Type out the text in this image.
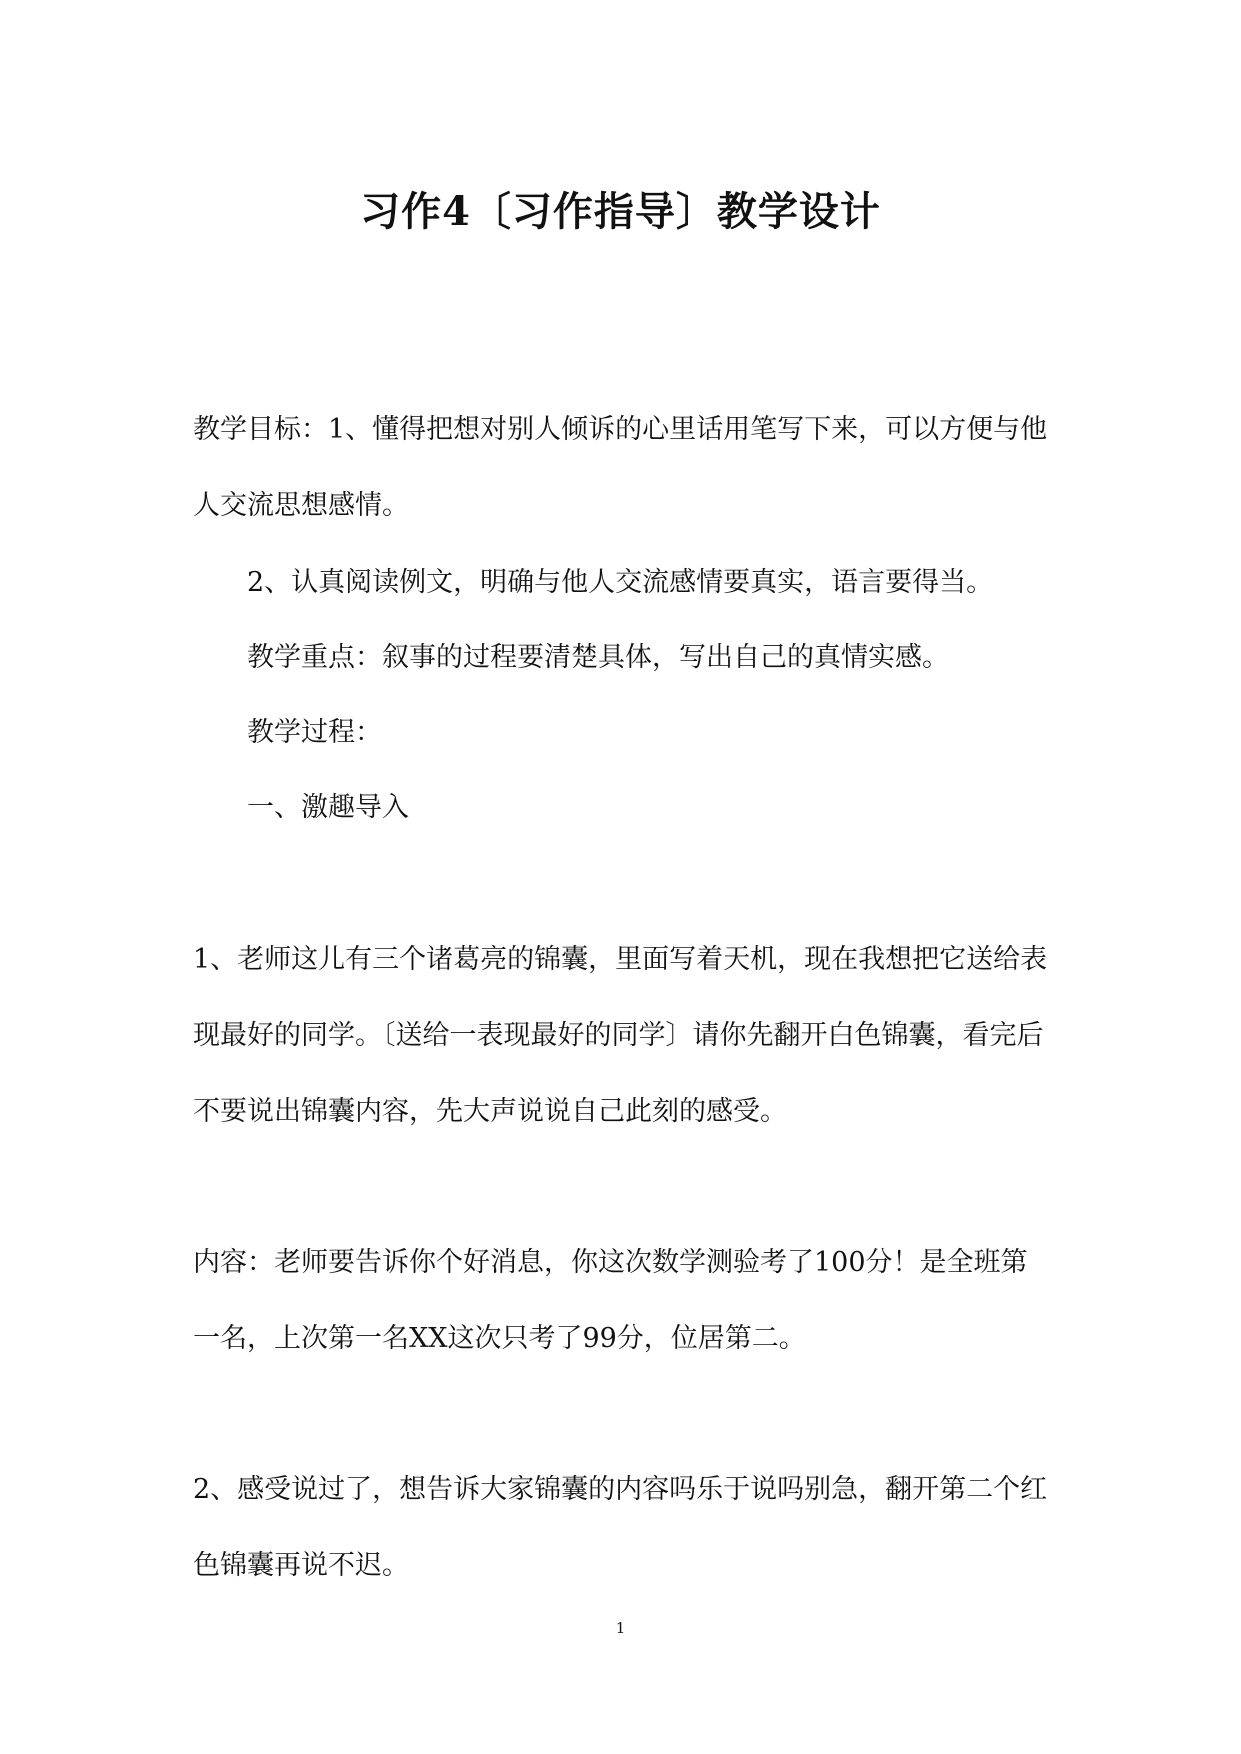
习作4〔习作指导〕教学设计

教学目标：1、懂得把想对别人倾诉的心里话用笔写下来，可以方便与他人交流思想感情。

2、认真阅读例文，明确与他人交流感情要真实，语言要得当。

教学重点：叙事的过程要清楚具体，写出自己的真情实感。

教学过程：

一、激趣导入

1、老师这儿有三个诸葛亮的锦囊，里面写着天机，现在我想把它送给表现最好的同学。〔送给一表现最好的同学〕请你先翻开白色锦囊，看完后不要说出锦囊内容，先大声说说自己此刻的感受。

内容：老师要告诉你个好消息，你这次数学测验考了100分！是全班第一名，上次第一名XX这次只考了99分，位居第二。

2、感受说过了，想告诉大家锦囊的内容吗乐于说吗别急，翻开第二个红色锦囊再说不迟。

1
